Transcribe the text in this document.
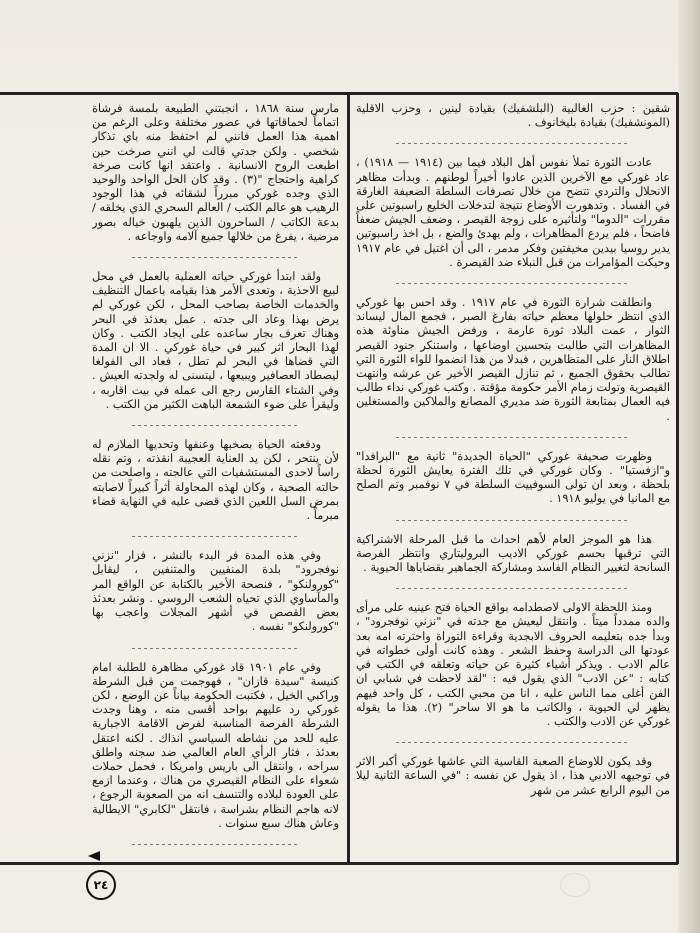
شقين : حزب الغالبية (البلشفيك) بقيادة لينين ، وحزب الاقلية (المونشفيك) بقيادة بليخانوف .

عادت الثورة تملأ نفوس أهل البلاد فيما بين (١٩١٤ — ١٩١٨) ، عاد غوركي مع الآخرين الذين عادوا أخيراً لوطنهم . وبدأت مظاهر الانحلال والتردي تتضح من خلال تصرفات السلطة الضعيفة الغارقة في الفساد . وتدهورت الأوضاع نتيجة لتدخلات الخليع راسبوتين على مقررات "الدوما" ولتأثيره على زوجة القيصر ، وضعف الجيش ضعفاً فاضحاً ، فلم يردع المظاهرات ، ولم يهدئ والضع ، بل اخذ راسبوتين يدير روسيا بيدين مخيفتين وفكر مدمر ، الى أن اغتيل في عام ١٩١٧ وحيكت المؤامرات من قبل النبلاء ضد القيصرة .

وانطلقت شرارة الثورة في عام ١٩١٧ . وقد احس بها غوركي الذي انتظر حلولها معظم حياته بفارغ الصبر ، فجمع المال ليساند الثوار ، عمت البلاد ثورة عارمة ، ورفض الجيش مناوئة هذه المظاهرات التي طالبت بتحسين اوضاعها ، واستنكر جنود القيصر اطلاق النار على المتظاهرين ، فبدلا من هذا انضموا للواء الثورة التي تطالب بحقوق الجميع ، ثم تنازل القيصر الأخير عن عرشه وانتهت القيصرية وتولت زمام الأمر حكومة مؤقتة . وكتب غوركي نداء طالب فيه العمال بمتابعة الثورة ضد مديري المصانع والملاكين والمستغلين .

وظهرت صحيفة غوركي "الحياة الجديدة" ثانية مع "البرافدا" و"ازفستيا" . وكان غوركي في تلك الفترة يعايش الثورة لحظة بلحظة ، وبعد ان تولى السوفييت السلطة في ٧ نوفمبر وتم الصلح مع المانيا في يوليو ١٩١٨ .

هذا هو الموجز العام لأهم احداث ما قبل المرحلة الاشتراكية التي ترقبها بحسم غوركي الاديب البروليتاري وانتظر الفرصة السانحة لتغيير النظام الفاسد ومشاركة الجماهير بقضاياها الحيوية .

ومنذ اللحظة الاولى لاصطدامه بواقع الحياة فتح عينيه على مرأى والده ممدداً ميتاً . وانتقل ليعيش مع جدته في "نزني نوفجرود" ، وبدأ جده بتعليمه الحروف الابجدية وقراءة التوراة واحترته امه بعد عودتها الى الدراسة وحفظ الشعر . وهذه كانت أولى خطواته في عالم الادب . ويذكر أشياء كثيرة عن حياته وتعلقه في الكتب في كتابه : "عن الادب" الذي يقول فيه : "لقد لاحظت في شبابي ان الفن أغلى مما الناس عليه ، انا من محبي الكتب ، كل واحد فيهم يظهر لي الحيوية ، والكاتب ما هو الا ساحر" (٢). هذا ما يقوله غوركي عن الادب والكتب .

وقد يكون للاوضاع الصعبة القاسية التي عاشها غوركي أكبر الاثر في توجيهه الادبي هذا ، اذ يقول عن نفسه : "في الساعة الثانية ليلا من اليوم الرابع عشر من شهر

مارس سنة ١٨٦٨ ، انجبتني الطبيعة بلمسة فرشاة اتماماً لحماقاتها في عصور مختلفة وعلى الرغم من اهمية هذا العمل فانني لم احتفظ منه باي تذكار شخصي . ولكن جدتي قالت لي انني صرخت حين اطبعت الروح الانسانية . واعتقد انها كانت صرخة كراهية واحتجاج "(٣) . وقد كان الحل الواحد والوحيد الذي وجده غوركي مبرراً لشقائه في هذا الوجود الرهيب هو عالم الكتب / العالم السحري الذي يخلقه / بدعة الكاتب / الساحرون الذين يلهبون خياله بصور مرضية ، يفرغ من خلالها جميع آلامه واوجاعه .

ولقد ابتدأ غوركي حياته العملية بالعمل في محل لبيع الاحذية ، وتعدى الأمر هذا بقيامه باعمال التنظيف والخدمات الخاصة بصاحب المحل ، لكن غوركي لم يرض بهذا وعاد الى جدته . عمل بعدئذ في البحر وهناك تعرف بجار ساعده على ايجاد الكتب . وكان لهذا البحار اثر كبير في حياة غوركي . الا ان المدة التي قضاها في البحر لم تطل ، فعاد الى الفولغا ليصطاد العصافير ويبيعها ، ليتسنى له ولجدته العيش . وفي الشتاء القارس رجع الى عمله في بيت اقاربه ، وليقرأ على ضوء الشمعة الباهت الكثير من الكتب .

ودفعته الحياة بصخبها وعنفها وتحديها الملازم له لأن ينتحر ، لكن يد العناية العجيبة انقذته ، وتم نقله راساً لاحدى المستشفيات التي عالجته ، واصلحت من حالته الصحية ، وكان لهذه المحاولة أثراً كبيراً لاصابته بمرض السل اللعين الذي قضى عليه في النهاية قضاء مبرماً .

وفي هذه المدة فر البدء بالنشر ، فزار "نزني نوفجرود" بلدة المنفيين والمتنفين ، ليقابل "كورولنكو" ، فنصحة الأخير بالكتابة عن الواقع المر والمآساوي الذي تحياه الشعب الروسي . ونشر بعدئذ بعض القصص في أشهر المجلات واعجب بها "كورولنكو" نفسه .

وفي عام ١٩٠١ قاد غوركي مظاهرة للطلبة امام كنيسة "سيدة قازان" ، فهوجمت من قبل الشرطة وراكبي الخيل ، فكتبت الحكومة بياناً عن الوضع ، لكن غوركي رد عليهم بواحد أقسى منه ، وهنا وجدت الشرطة الفرصة المناسبة لفرض الاقامة الاجبارية عليه للحد من نشاطه السياسي انذاك . لكنه اعتقل بعدئذ ، فثار الرأي العام العالمي ضد سجنه واطلق سراحه ، وانتقل الى باريس وامريكا ، فحمل حملات شعواء على النظام القيصري من هناك ، وعندما ازمع على العودة لبلاده والتنسف انه من الصعوبة الرجوع ، لانه هاجم النظام بشراسة ، فانتقل "لكابري" الايطالية وعاش هناك سبع سنوات .

٢٤
